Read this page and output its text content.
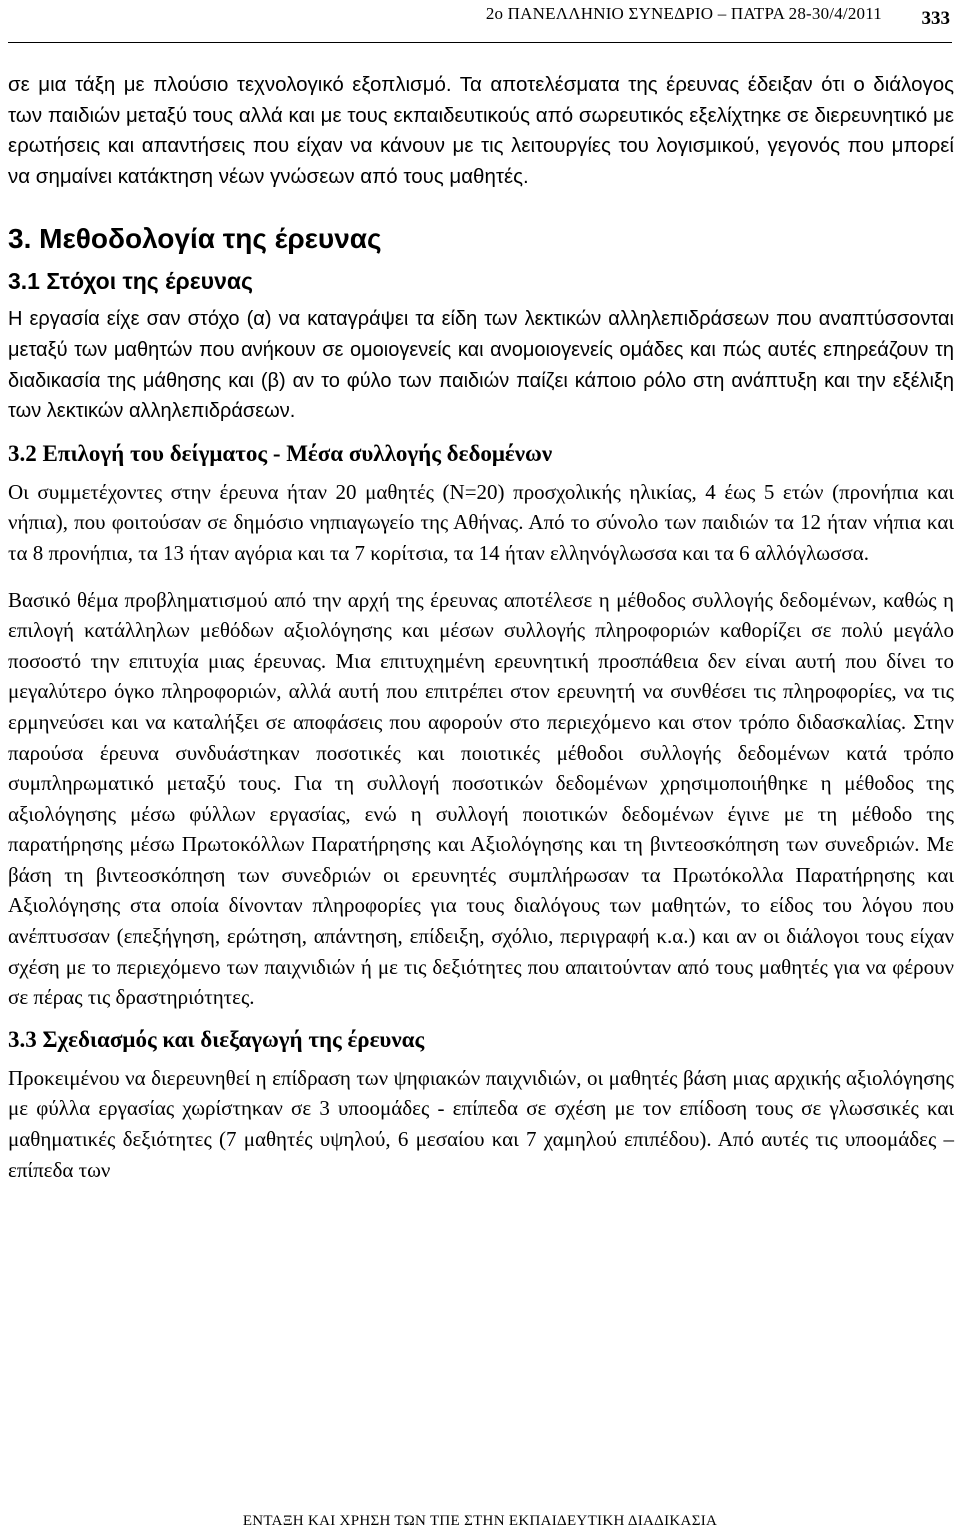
2ο ΠΑΝΕΛΛΗΝΙΟ ΣΥΝΕΔΡΙΟ – ΠΑΤΡΑ 28-30/4/2011 333

σε μια τάξη με πλούσιο τεχνολογικό εξοπλισμό. Τα αποτελέσματα της έρευνας έδειξαν ότι ο διάλογος των παιδιών μεταξύ τους αλλά και με τους εκπαιδευτικούς από σωρευτικός εξελίχτηκε σε διερευνητικό με ερωτήσεις και απαντήσεις που είχαν να κάνουν με τις λειτουργίες του λογισμικού, γεγονός που μπορεί να σημαίνει κατάκτηση νέων γνώσεων από τους μαθητές.

3. Μεθοδολογία της έρευνας
3.1 Στόχοι της έρευνας

Η εργασία είχε σαν στόχο (α) να καταγράψει τα είδη των λεκτικών αλληλεπιδράσεων που αναπτύσσονται μεταξύ των μαθητών που ανήκουν σε ομοιογενείς και ανομοιογενείς ομάδες και πώς αυτές επηρεάζουν τη διαδικασία της μάθησης και (β) αν το φύλο των παιδιών παίζει κάποιο ρόλο στη ανάπτυξη και την εξέλιξη των λεκτικών αλληλεπιδράσεων.

3.2 Επιλογή του δείγματος - Μέσα συλλογής δεδομένων

Οι συμμετέχοντες στην έρευνα ήταν 20 μαθητές (Ν=20) προσχολικής ηλικίας, 4 έως 5 ετών (προνήπια και νήπια), που φοιτούσαν σε δημόσιο νηπιαγωγείο της Αθήνας. Από το σύνολο των παιδιών τα 12 ήταν νήπια και τα 8 προνήπια, τα 13 ήταν αγόρια και τα 7 κορίτσια, τα 14 ήταν ελληνόγλωσσα και τα 6 αλλόγλωσσα.

Βασικό θέμα προβληματισμού από την αρχή της έρευνας αποτέλεσε η μέθοδος συλλογής δεδομένων, καθώς η επιλογή κατάλληλων μεθόδων αξιολόγησης και μέσων συλλογής πληροφοριών καθορίζει σε πολύ μεγάλο ποσοστό την επιτυχία μιας έρευνας. Μια επιτυχημένη ερευνητική προσπάθεια δεν είναι αυτή που δίνει το μεγαλύτερο όγκο πληροφοριών, αλλά αυτή που επιτρέπει στον ερευνητή να συνθέσει τις πληροφορίες, να τις ερμηνεύσει και να καταλήξει σε αποφάσεις που αφορούν στο περιεχόμενο και στον τρόπο διδασκαλίας. Στην παρούσα έρευνα συνδυάστηκαν ποσοτικές και ποιοτικές μέθοδοι συλλογής δεδομένων κατά τρόπο συμπληρωματικό μεταξύ τους. Για τη συλλογή ποσοτικών δεδομένων χρησιμοποιήθηκε η μέθοδος της αξιολόγησης μέσω φύλλων εργασίας, ενώ η συλλογή ποιοτικών δεδομένων έγινε με τη μέθοδο της παρατήρησης μέσω Πρωτοκόλλων Παρατήρησης και Αξιολόγησης και τη βιντεοσκόπηση των συνεδριών. Με βάση τη βιντεοσκόπηση των συνεδριών οι ερευνητές συμπλήρωσαν τα Πρωτόκολλα Παρατήρησης και Αξιολόγησης στα οποία δίνονταν πληροφορίες για τους διαλόγους των μαθητών, το είδος του λόγου που ανέπτυσσαν (επεξήγηση, ερώτηση, απάντηση, επίδειξη, σχόλιο, περιγραφή κ.α.) και αν οι διάλογοι τους είχαν σχέση με το περιεχόμενο των παιχνιδιών ή με τις δεξιότητες που απαιτούνταν από τους μαθητές για να φέρουν σε πέρας τις δραστηριότητες.

3.3 Σχεδιασμός και διεξαγωγή της έρευνας

Προκειμένου να διερευνηθεί η επίδραση των ψηφιακών παιχνιδιών, οι μαθητές βάση μιας αρχικής αξιολόγησης με φύλλα εργασίας χωρίστηκαν σε 3 υποομάδες - επίπεδα σε σχέση με τον επίδοση τους σε γλωσσικές και μαθηματικές δεξιότητες (7 μαθητές υψηλού, 6 μεσαίου και 7 χαμηλού επιπέδου). Από αυτές τις υποομάδες – επίπεδα των

ΕΝΤΑΞΗ ΚΑΙ ΧΡΗΣΗ ΤΩΝ ΤΠΕ ΣΤΗΝ ΕΚΠΑΙΔΕΥΤΙΚΗ ΔΙΑΔΙΚΑΣΙΑ
